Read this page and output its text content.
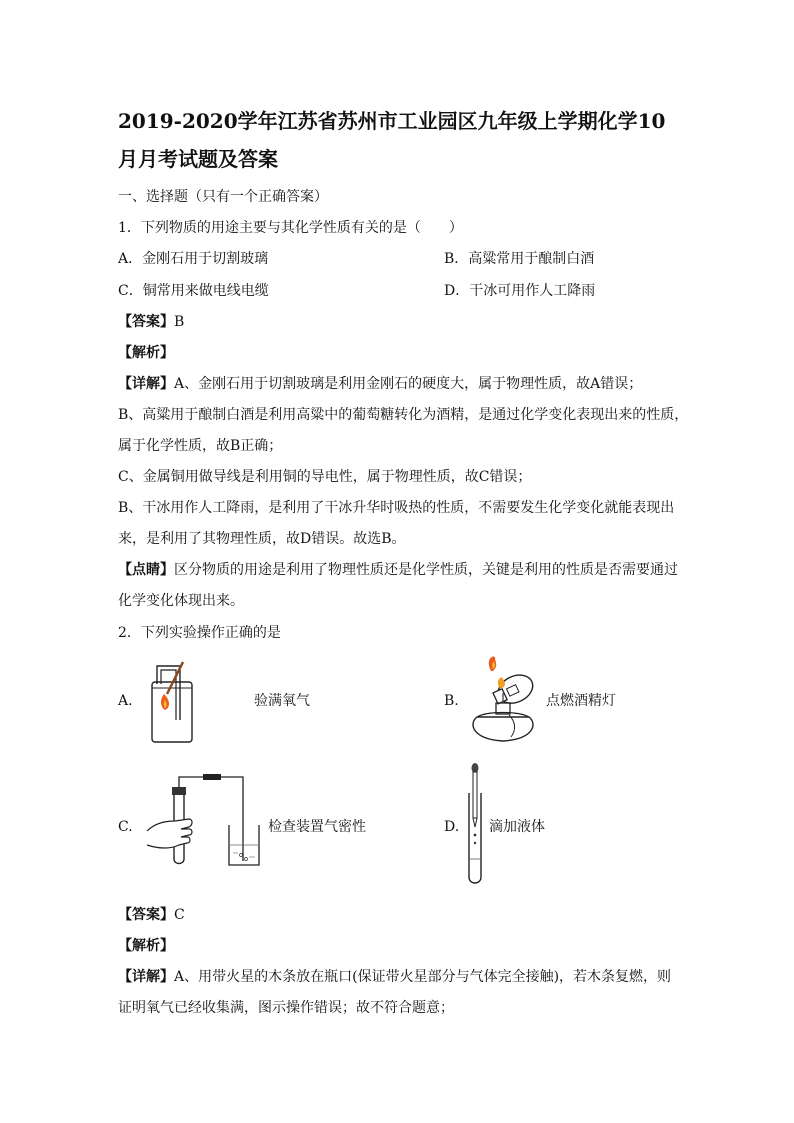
2019-2020学年江苏省苏州市工业园区九年级上学期化学10
月月考试题及答案
一、选择题（只有一个正确答案）
1．下列物质的用途主要与其化学性质有关的是（　　）
A．金刚石用于切割玻璃	B．高粱常用于酿制白酒
C．铜常用来做电线电缆	D．干冰可用作人工降雨
【答案】B
【解析】
【详解】A、金刚石用于切割玻璃是利用金刚石的硬度大，属于物理性质，故A错误；
B、高粱用于酿制白酒是利用高粱中的葡萄糖转化为酒精，是通过化学变化表现出来的性质，
属于化学性质，故B正确；
C、金属铜用做导线是利用铜的导电性，属于物理性质，故C错误；
B、干冰用作人工降雨，是利用了干冰升华时吸热的性质，不需要发生化学变化就能表现出
来，是利用了其物理性质，故D错误。故选B。
【点睛】区分物质的用途是利用了物理性质还是化学性质，关键是利用的性质是否需要通过
化学变化体现出来。
2．下列实验操作正确的是
A.	验满氧气	B.	点燃酒精灯
C.	检查装置气密性	D. 滴加液体
【答案】C
【解析】
【详解】A、用带火星的木条放在瓶口(保证带火星部分与气体完全接触)，若木条复燃，则
证明氧气已经收集满，图示操作错误；故不符合题意；
